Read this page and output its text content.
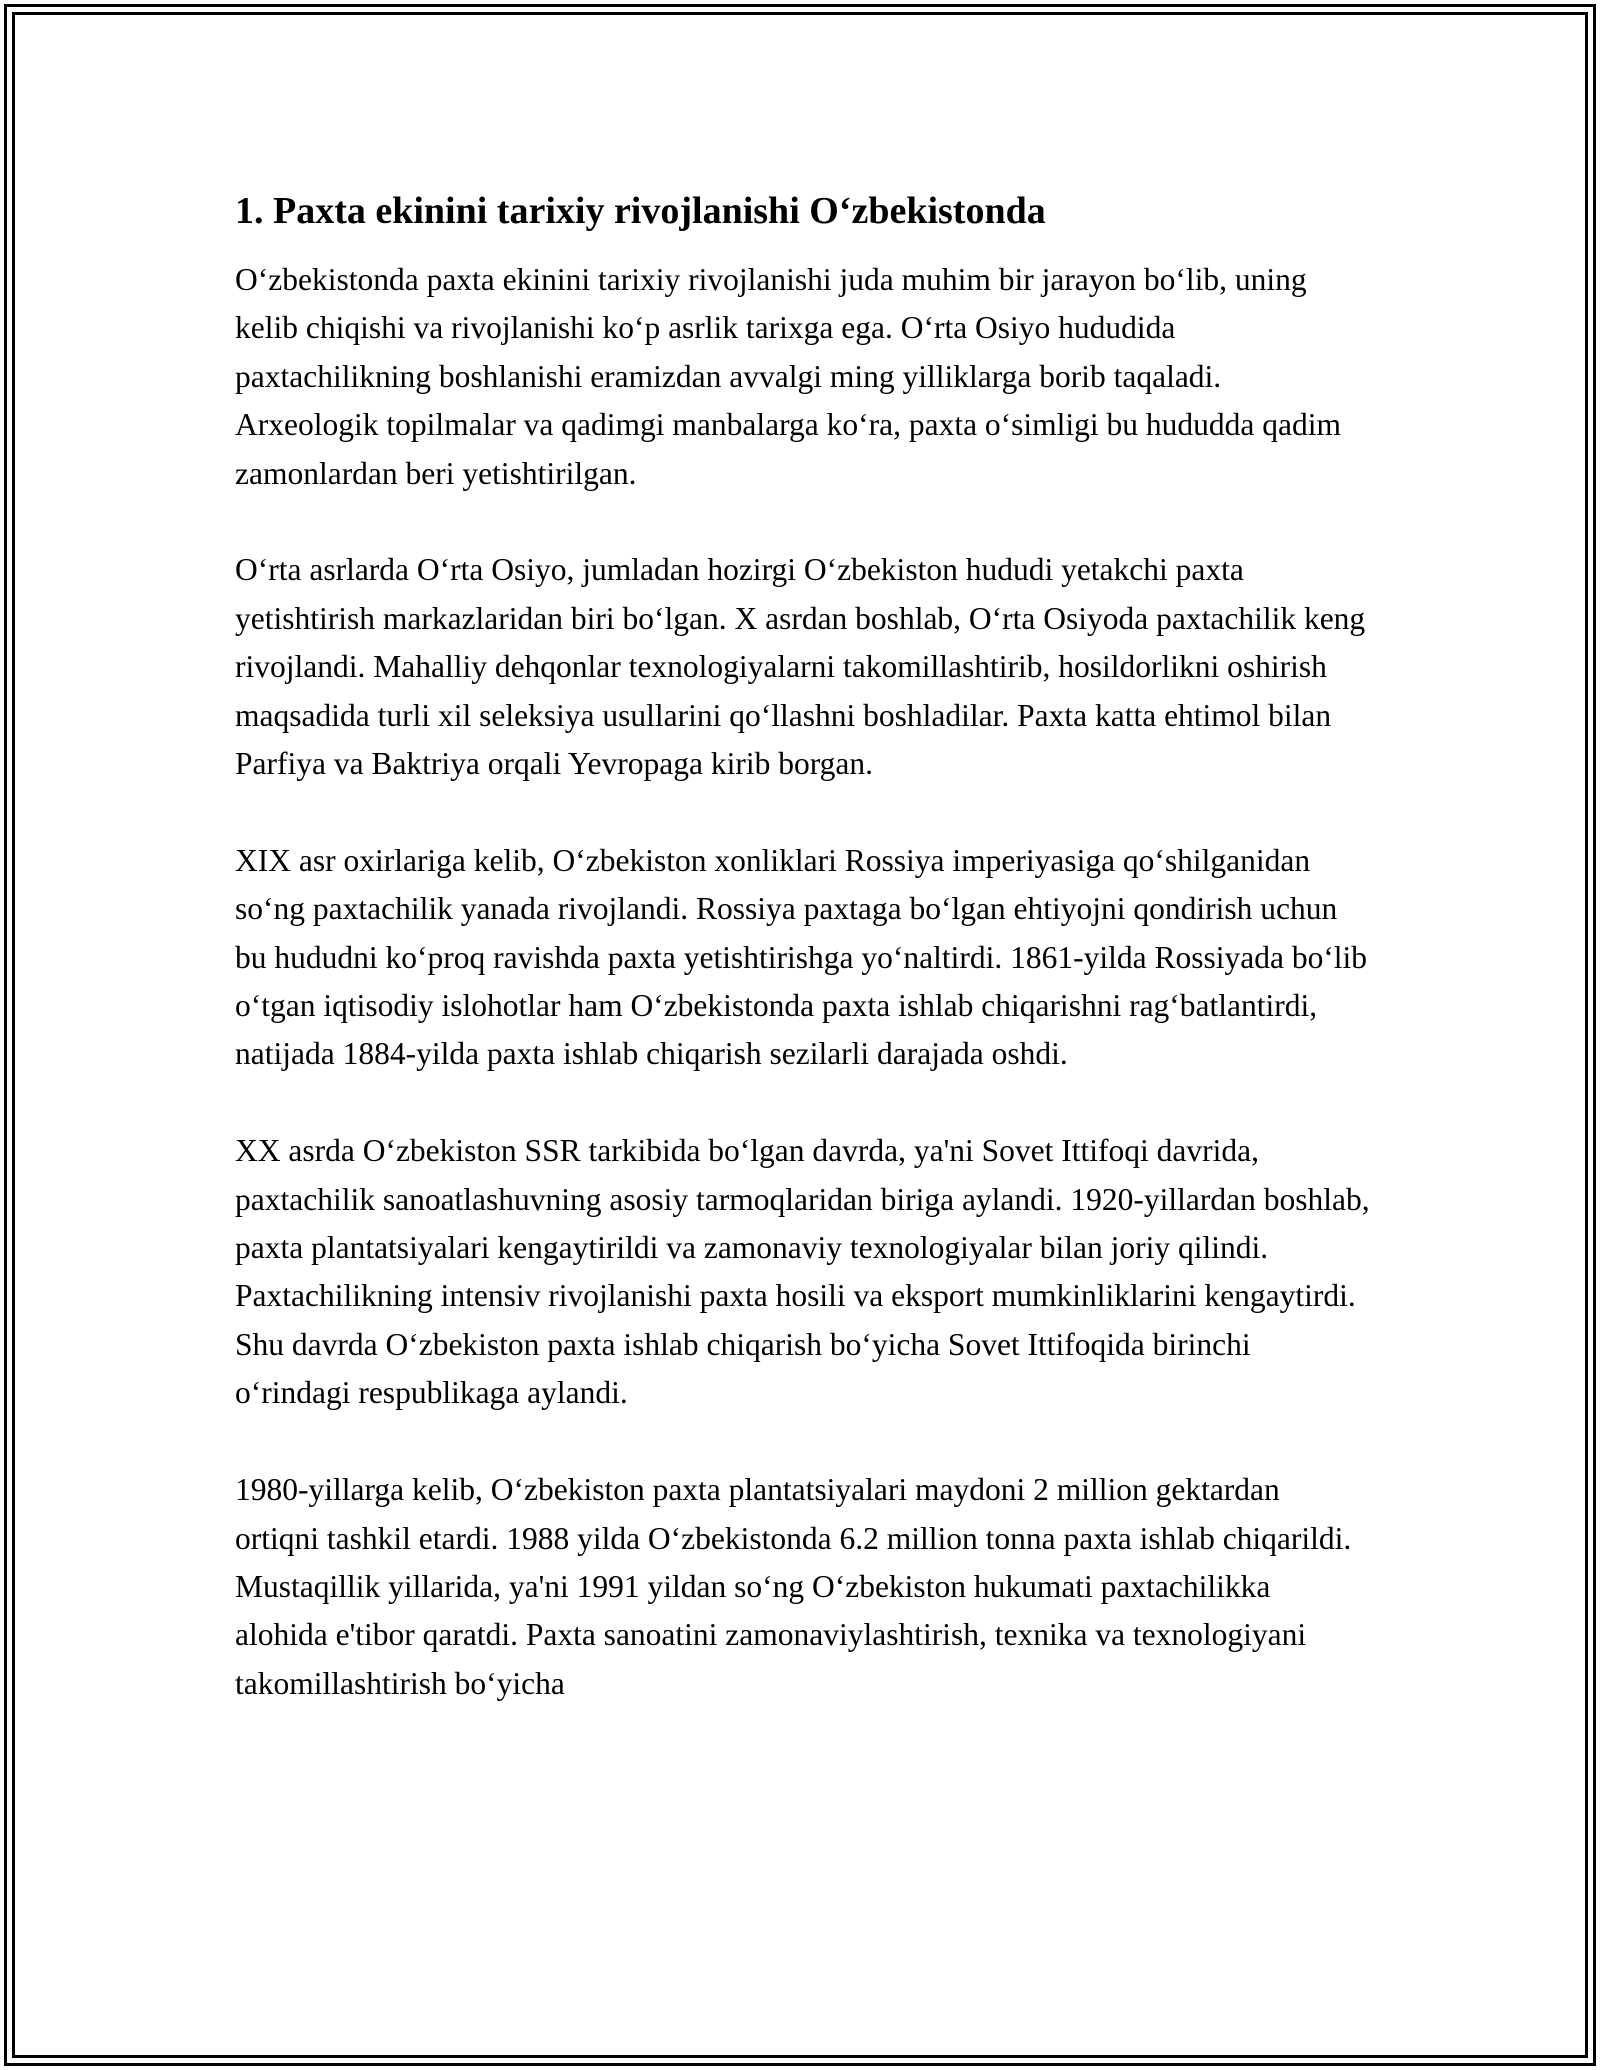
1. Paxta ekinini tarixiy rivojlanishi O‘zbekistonda

O‘zbekistonda paxta ekinini tarixiy rivojlanishi juda muhim bir jarayon bo‘lib, uning kelib chiqishi va rivojlanishi ko‘p asrlik tarixga ega. O‘rta Osiyo hududida paxtachilikning boshlanishi eramizdan avvalgi ming yilliklarga borib taqaladi. Arxeologik topilmalar va qadimgi manbalarga ko‘ra, paxta o‘simligi bu hududda qadim zamonlardan beri yetishtirilgan.

O‘rta asrlarda O‘rta Osiyo, jumladan hozirgi O‘zbekiston hududi yetakchi paxta yetishtirish markazlaridan biri bo‘lgan. X asrdan boshlab, O‘rta Osiyoda paxtachilik keng rivojlandi. Mahalliy dehqonlar texnologiyalarni takomillashtirib, hosildorlikni oshirish maqsadida turli xil seleksiya usullarini qo‘llashni boshladilar. Paxta katta ehtimol bilan Parfiya va Baktriya orqali Yevropaga kirib borgan.

XIX asr oxirlariga kelib, O‘zbekiston xonliklari Rossiya imperiyasiga qo‘shilganidan so‘ng paxtachilik yanada rivojlandi. Rossiya paxtaga bo‘lgan ehtiyojni qondirish uchun bu hududni ko‘proq ravishda paxta yetishtirishga yo‘naltirdi. 1861-yilda Rossiyada bo‘lib o‘tgan iqtisodiy islohotlar ham O‘zbekistonda paxta ishlab chiqarishni rag‘batlantirdi, natijada 1884-yilda paxta ishlab chiqarish sezilarli darajada oshdi.

XX asrda O‘zbekiston SSR tarkibida bo‘lgan davrda, ya'ni Sovet Ittifoqi davrida, paxtachilik sanoatlashuvning asosiy tarmoqlaridan biriga aylandi. 1920-yillardan boshlab, paxta plantatsiyalari kengaytirildi va zamonaviy texnologiyalar bilan joriy qilindi. Paxtachilikning intensiv rivojlanishi paxta hosili va eksport mumkinliklarini kengaytirdi. Shu davrda O‘zbekiston paxta ishlab chiqarish bo‘yicha Sovet Ittifoqida birinchi o‘rindagi respublikaga aylandi.

1980-yillarga kelib, O‘zbekiston paxta plantatsiyalari maydoni 2 million gektardan ortiqni tashkil etardi. 1988 yilda O‘zbekistonda 6.2 million tonna paxta ishlab chiqarildi. Mustaqillik yillarida, ya'ni 1991 yildan so‘ng O‘zbekiston hukumati paxtachilikka alohida e'tibor qaratdi. Paxta sanoatini zamonaviylashtirish, texnika va texnologiyani takomillashtirish bo‘yicha
